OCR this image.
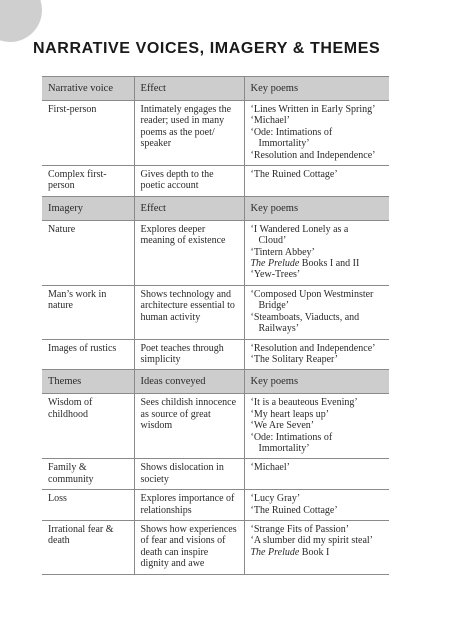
NARRATIVE VOICES, IMAGERY & THEMES
Narrative voice	Effect	Key poems
First-person	Intimately engages the reader; used in many poems as the poet/ speaker	‘Lines Written in Early Spring’
‘Michael’
‘Ode: Intimations of
Immortality’
‘Resolution and Independence’

Complex first-person	Gives depth to the poetic account	‘The Ruined Cottage’

Imagery	Effect	Key poems
Nature	Explores deeper meaning of existence	‘I Wandered Lonely as a
Cloud’
‘Tintern Abbey’
The Prelude Books I and II
‘Yew-Trees’

Man’s work in nature	Shows technology and architecture essential to human activity	‘Composed Upon Westminster
Bridge’
‘Steamboats, Viaducts, and
Railways’

Images of rustics	Poet teaches through simplicity	‘Resolution and Independence’
‘The Solitary Reaper’

Themes	Ideas conveyed	Key poems
Wisdom of childhood	Sees childish innocence as source of great wisdom	‘It is a beauteous Evening’
‘My heart leaps up’
‘We Are Seven’
‘Ode: Intimations of
Immortality’

Family & community	Shows dislocation in society	‘Michael’

Loss	Explores importance of relationships	‘Lucy Gray’
‘The Ruined Cottage’

Irrational fear & death	Shows how experiences of fear and visions of death can inspire dignity and awe	‘Strange Fits of Passion’
‘A slumber did my spirit steal’
The Prelude Book I
